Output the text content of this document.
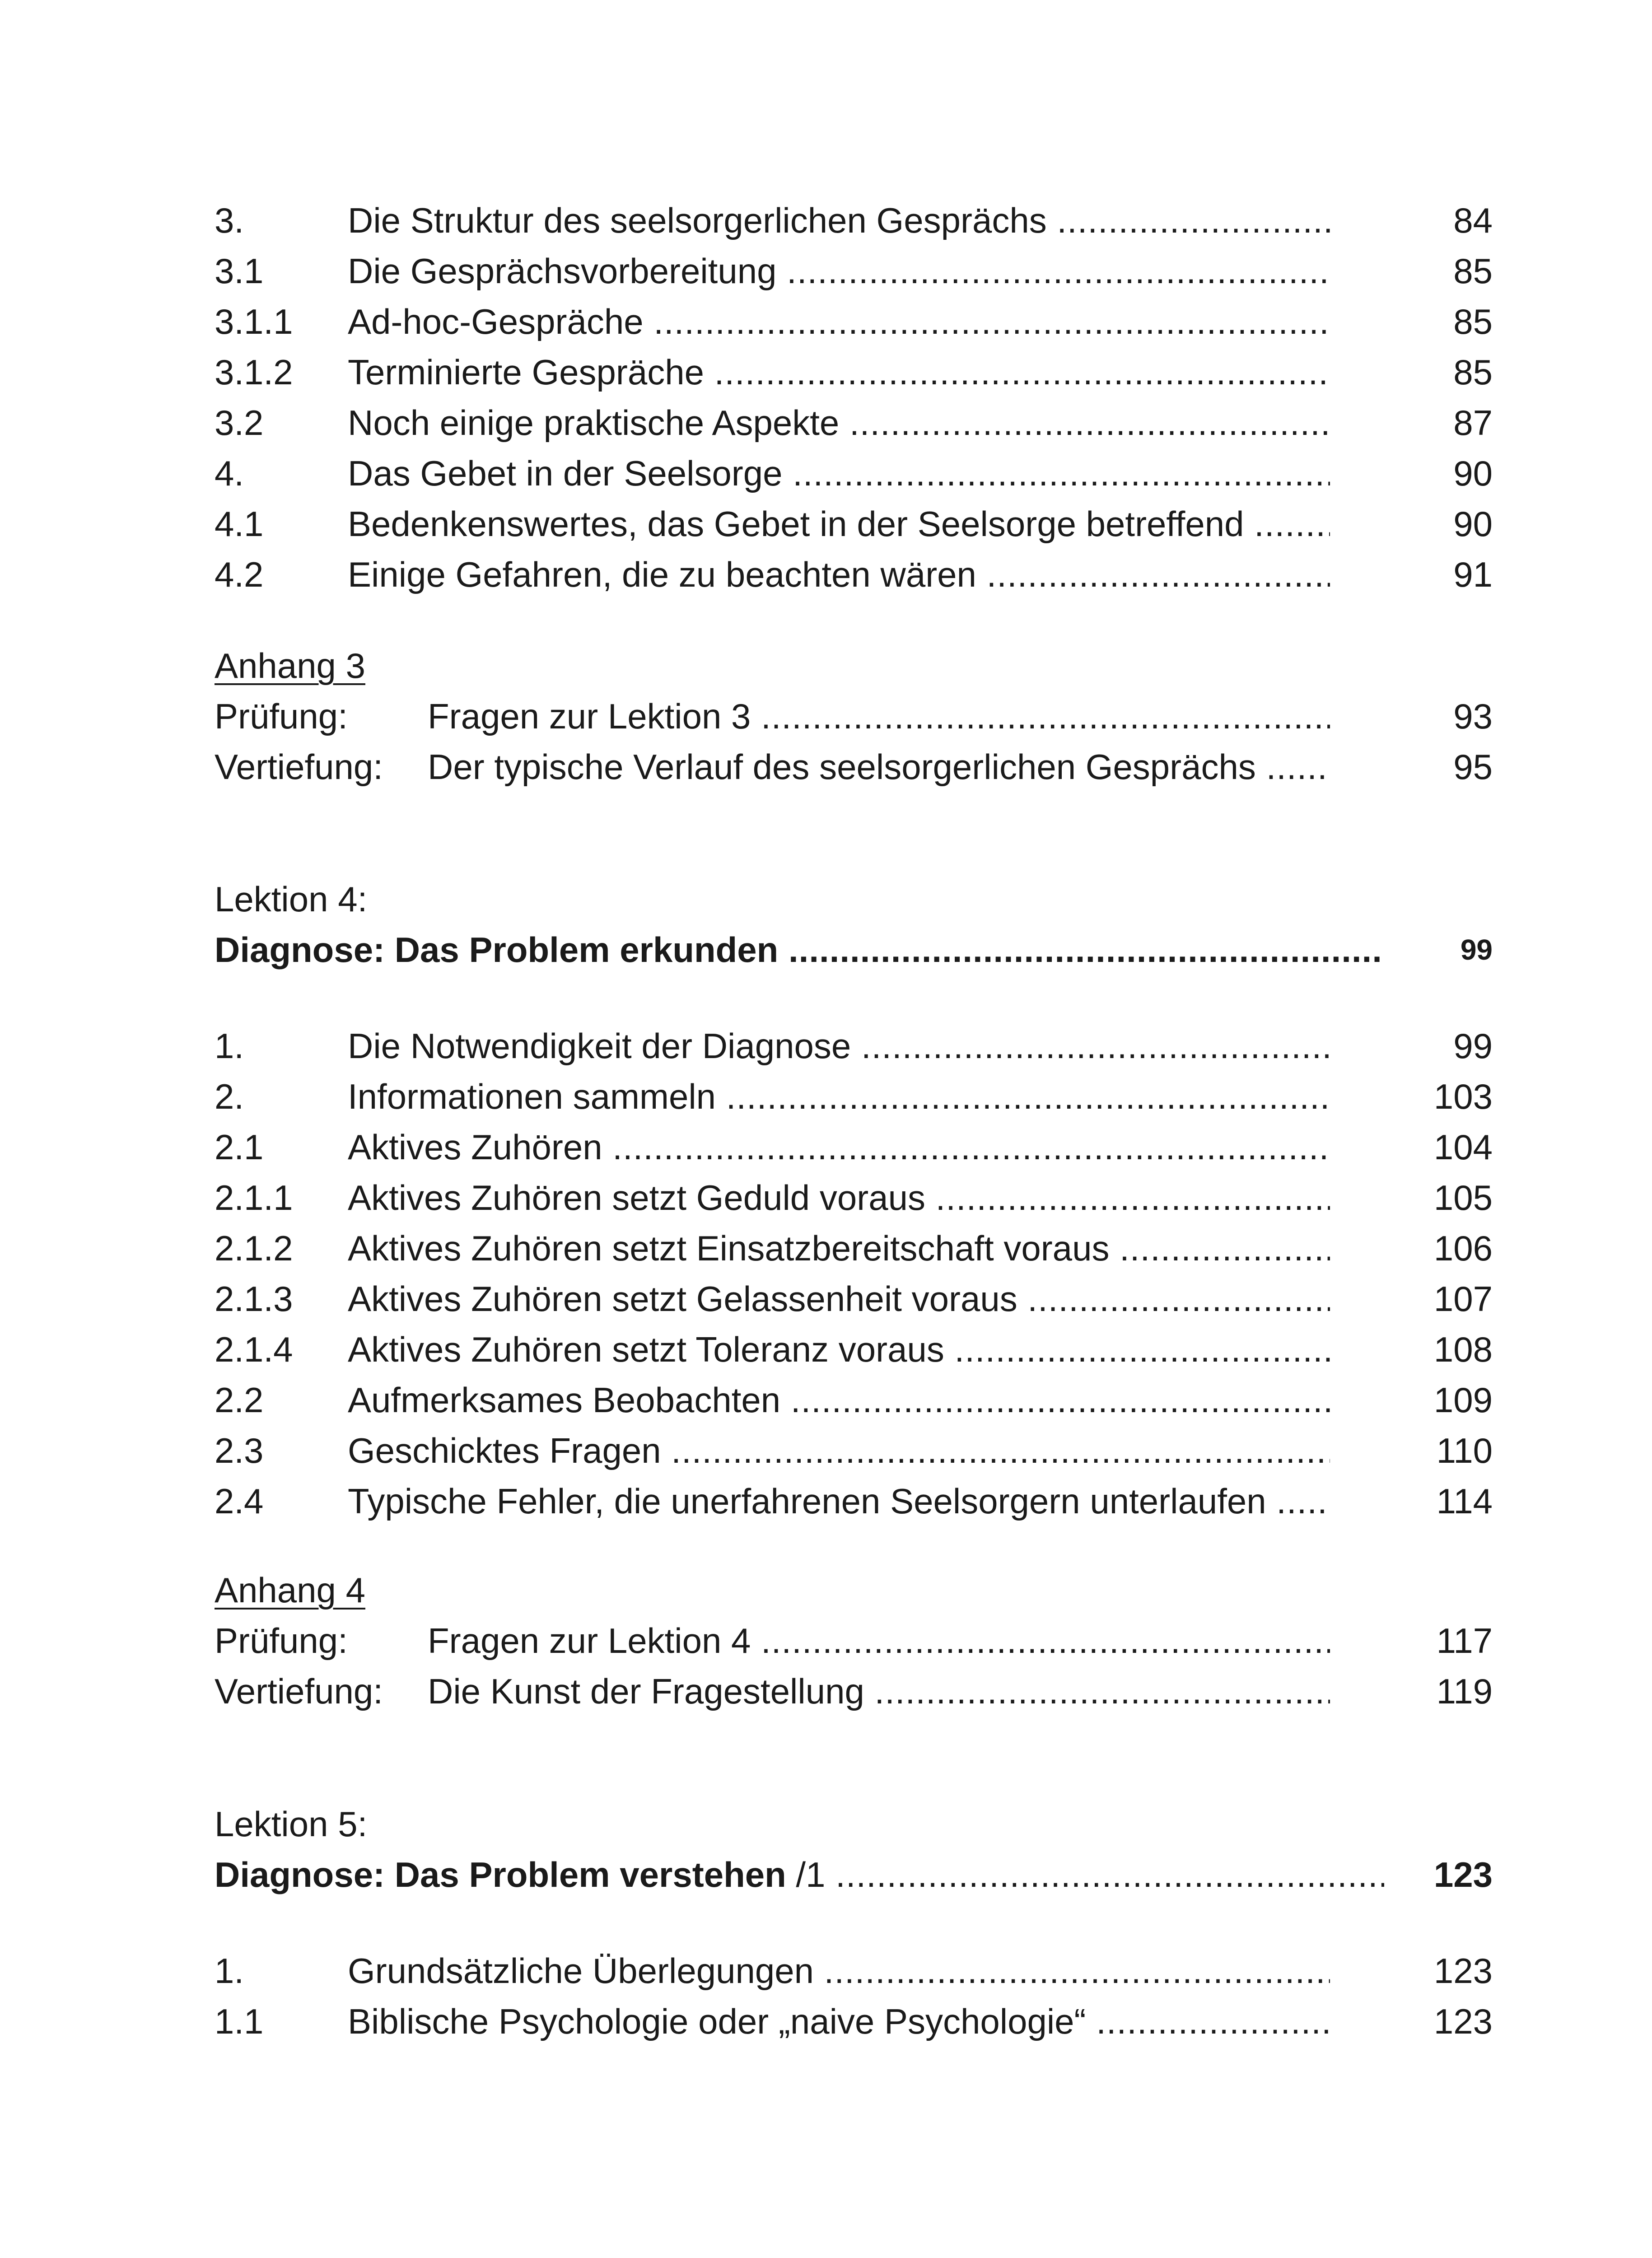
3.	Die Struktur des seelsorgerlichen Gesprächs .....	84
3.1 Die Gesprächsvorbereitung .....	85
3.1.1 Ad-hoc-Gespräche .....	85
3.1.2 Terminierte Gespräche .....	85
3.2 Noch einige praktische Aspekte .....	87
4.	Das Gebet in der Seelsorge .....	90
4.1 Bedenkenswertes, das Gebet in der Seelsorge betreffend .....	90
4.2 Einige Gefahren, die zu beachten wären .....	91
Anhang 3
Prüfung: Fragen zur Lektion 3 .....	93
Vertiefung: Der typische Verlauf des seelsorgerlichen Gesprächs .....	95
Lektion 4:
Diagnose: Das Problem erkunden .....	99
1.	Die Notwendigkeit der Diagnose .....	99
2.	Informationen sammeln .....	103
2.1 Aktives Zuhören .....	104
2.1.1 Aktives Zuhören setzt Geduld voraus .....	105
2.1.2 Aktives Zuhören setzt Einsatzbereitschaft voraus .....	106
2.1.3 Aktives Zuhören setzt Gelassenheit voraus .....	107
2.1.4 Aktives Zuhören setzt Toleranz voraus .....	108
2.2 Aufmerksames Beobachten .....	109
2.3 Geschicktes Fragen .....	110
2.4 Typische Fehler, die unerfahrenen Seelsorgern unterlaufen .....	114
Anhang 4
Prüfung: Fragen zur Lektion 4 .....	117
Vertiefung: Die Kunst der Fragestellung .....	119
Lektion 5:
Diagnose: Das Problem verstehen /1 .....	123
1.	Grundsätzliche Überlegungen .....	123
1.1 Biblische Psychologie oder „naive Psychologie“ .....	123
